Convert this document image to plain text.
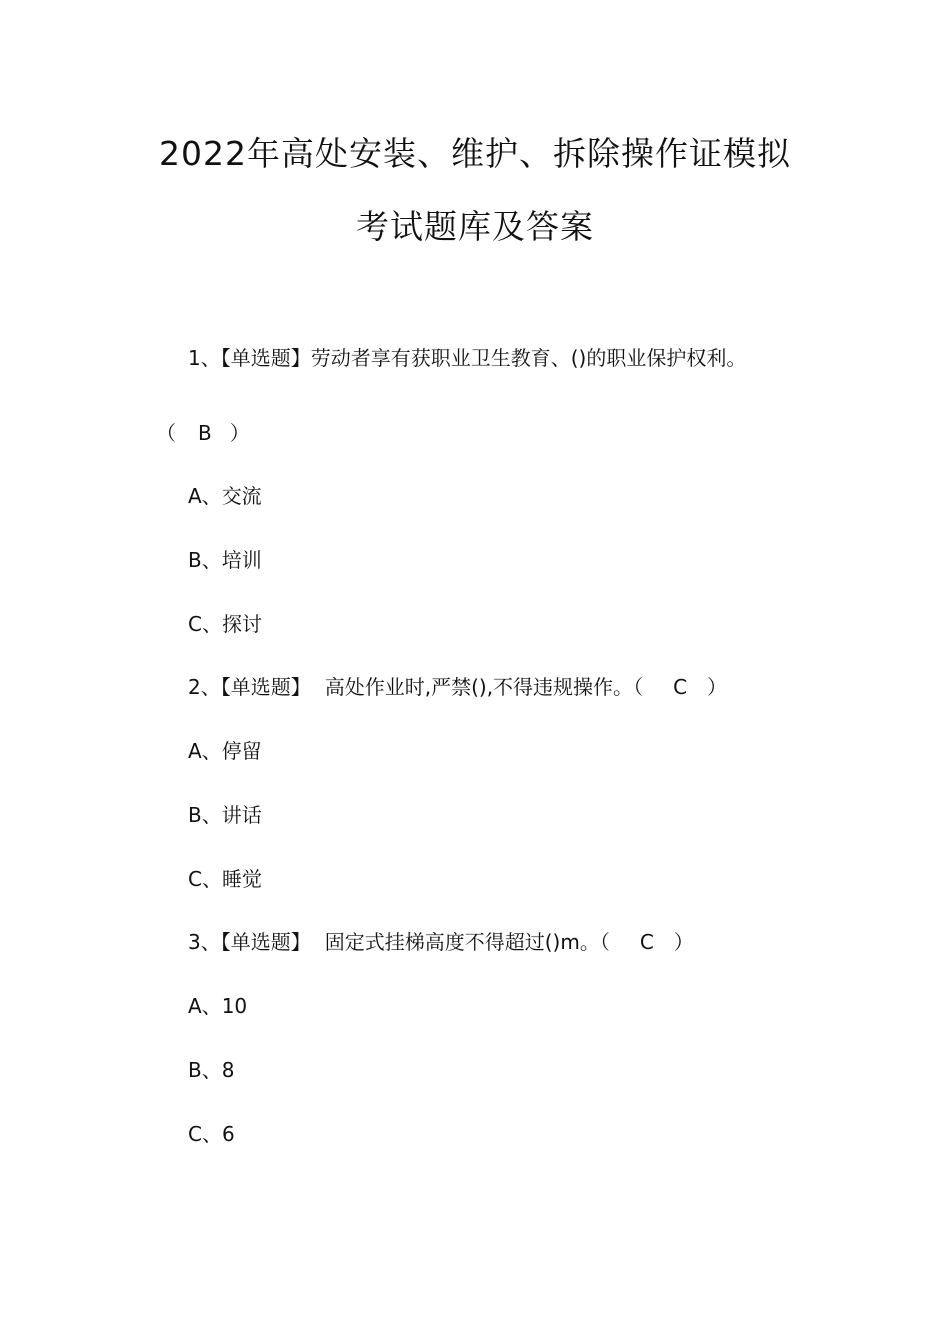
2022年高处安装、维护、拆除操作证模拟
考试题库及答案
1、【单选题】劳动者享有获职业卫生教育、()的职业保护权利。
（ B ）
A、交流
B、培训
C、探讨
2、【单选题】 高处作业时,严禁(),不得违规操作。（ C ）
A、停留
B、讲话
C、睡觉
3、【单选题】 固定式挂梯高度不得超过()m。（ C ）
A、10
B、8
C、6
